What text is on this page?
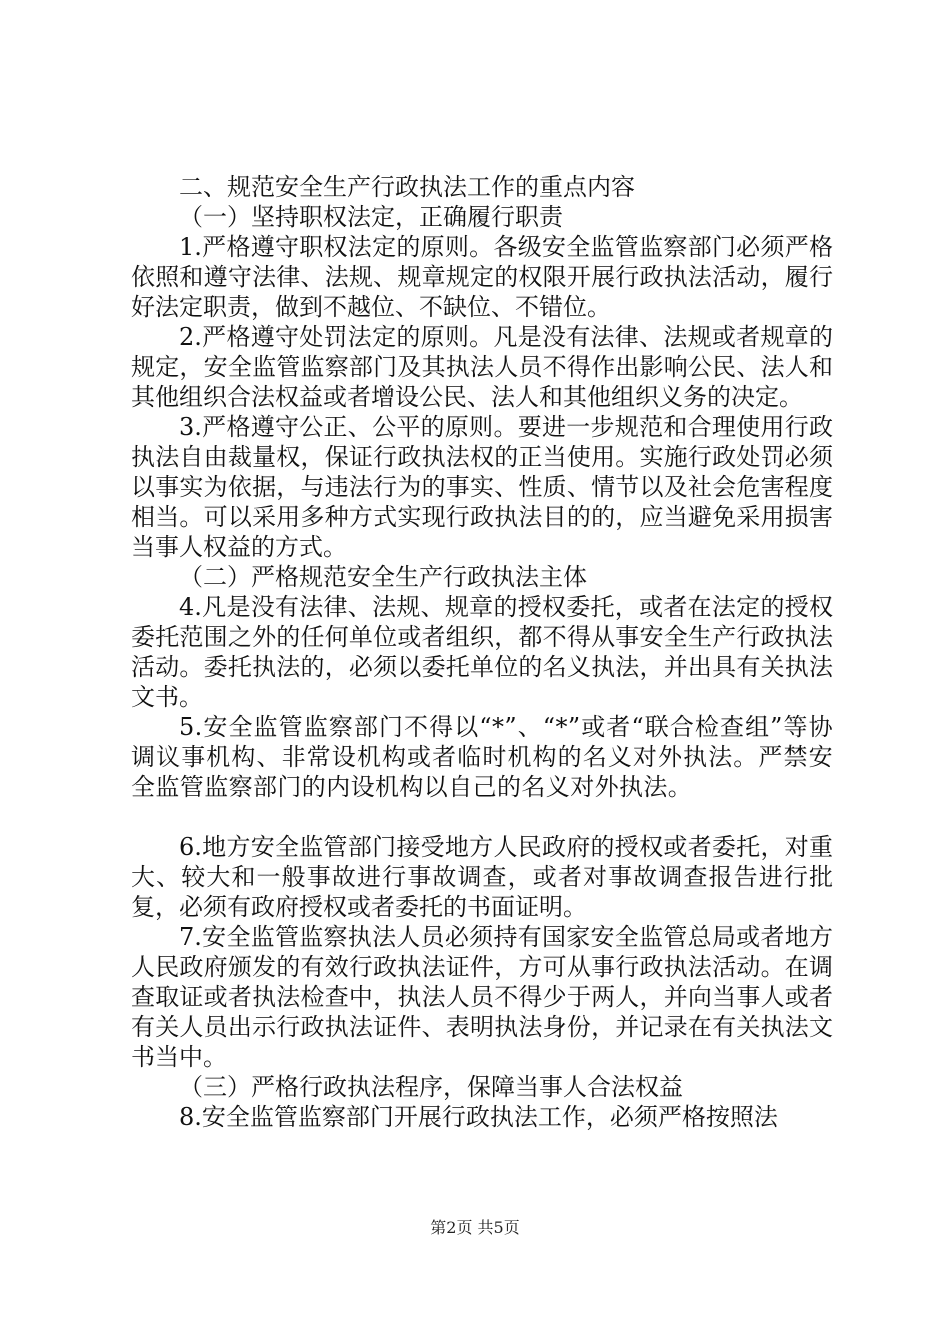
二、规范安全生产行政执法工作的重点内容

（一）坚持职权法定，正确履行职责

1.严格遵守职权法定的原则。各级安全监管监察部门必须严格依照和遵守法律、法规、规章规定的权限开展行政执法活动，履行好法定职责，做到不越位、不缺位、不错位。

2.严格遵守处罚法定的原则。凡是没有法律、法规或者规章的规定，安全监管监察部门及其执法人员不得作出影响公民、法人和其他组织合法权益或者增设公民、法人和其他组织义务的决定。

3.严格遵守公正、公平的原则。要进一步规范和合理使用行政执法自由裁量权，保证行政执法权的正当使用。实施行政处罚必须以事实为依据，与违法行为的事实、性质、情节以及社会危害程度相当。可以采用多种方式实现行政执法目的的，应当避免采用损害当事人权益的方式。

（二）严格规范安全生产行政执法主体

4.凡是没有法律、法规、规章的授权委托，或者在法定的授权委托范围之外的任何单位或者组织，都不得从事安全生产行政执法活动。委托执法的，必须以委托单位的名义执法，并出具有关执法文书。

5.安全监管监察部门不得以“*”、“*”或者“联合检查组”等协调议事机构、非常设机构或者临时机构的名义对外执法。严禁安全监管监察部门的内设机构以自己的名义对外执法。

6.地方安全监管部门接受地方人民政府的授权或者委托，对重大、较大和一般事故进行事故调查，或者对事故调查报告进行批复，必须有政府授权或者委托的书面证明。

7.安全监管监察执法人员必须持有国家安全监管总局或者地方人民政府颁发的有效行政执法证件，方可从事行政执法活动。在调查取证或者执法检查中，执法人员不得少于两人，并向当事人或者有关人员出示行政执法证件、表明执法身份，并记录在有关执法文书当中。

（三）严格行政执法程序，保障当事人合法权益

8.安全监管监察部门开展行政执法工作，必须严格按照法

第2页 共5页
